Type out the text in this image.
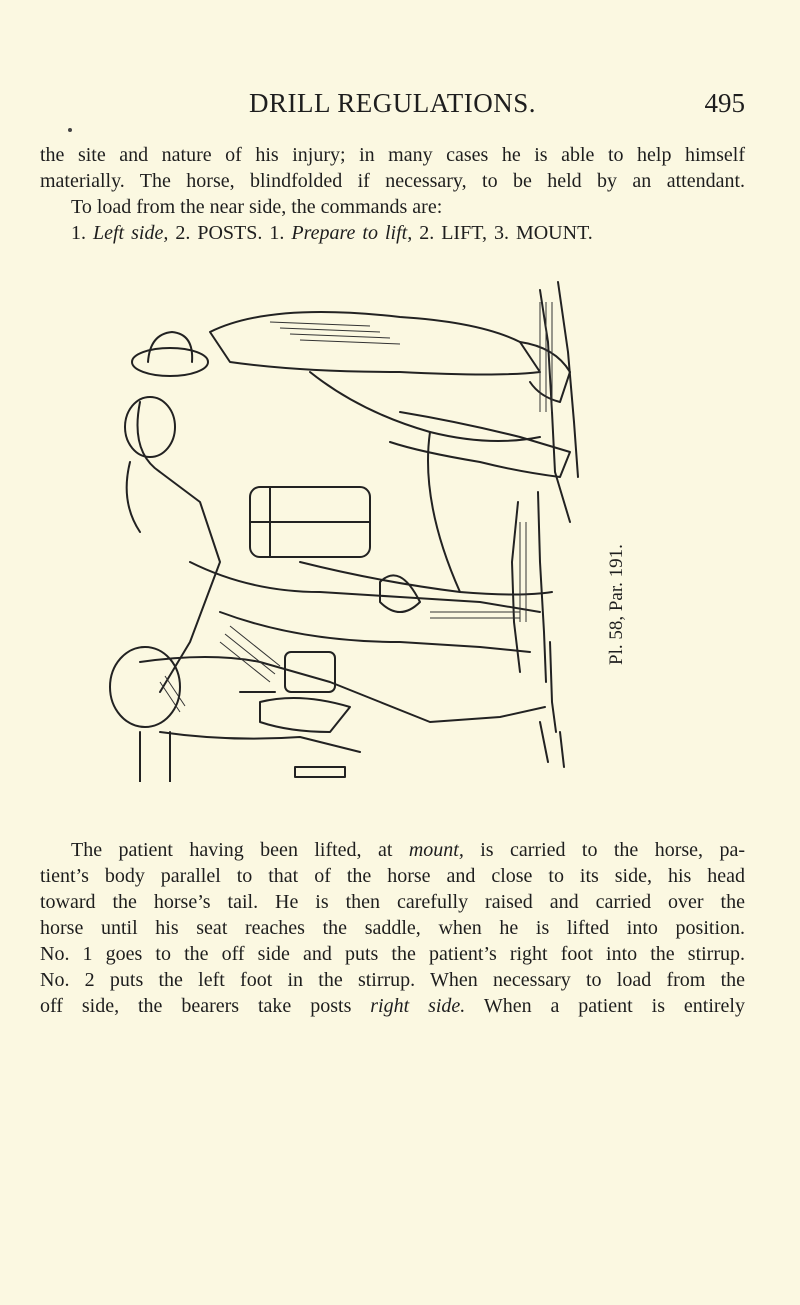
DRILL REGULATIONS.	495
the site and nature of his injury; in many cases he is able to help himself
materially. The horse, blindfolded if necessary, to be held by an attendant.
To load from the near side, the commands are:
1. Left side, 2. POSTS. 1. Prepare to lift, 2. LIFT, 3. MOUNT.
Pl. 58, Par. 191.
The patient having been lifted, at mount, is carried to the horse, pa-
tient’s body parallel to that of the horse and close to its side, his head
toward the horse’s tail. He is then carefully raised and carried over the
horse until his seat reaches the saddle, when he is lifted into position.
No. 1 goes to the off side and puts the patient’s right foot into the stirrup.
No. 2 puts the left foot in the stirrup. When necessary to load from the
off side, the bearers take posts right side. When a patient is entirely
